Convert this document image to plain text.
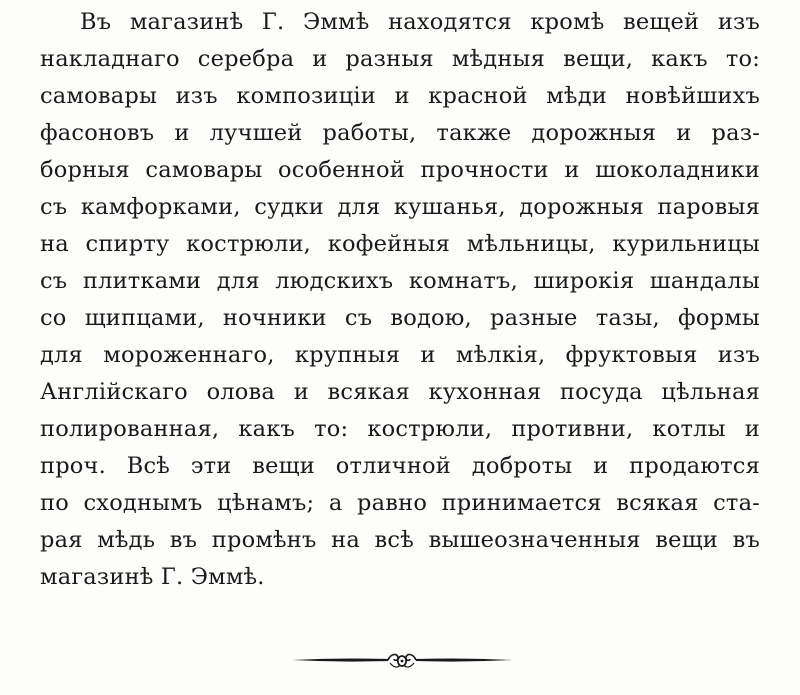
Въ магазинѣ Г. Эммѣ находятся кромѣ вещей изъ
накладнаго серебра и разныя мѣдныя вещи, какъ то:
самовары изъ композиціи и красной мѣди новѣйшихъ
фасоновъ и лучшей работы, также дорожныя и раз-
борныя самовары особенной прочности и шоколадники
съ камфорками, судки для кушанья, дорожныя паровыя
на спирту кострюли, кофейныя мѣльницы, курильницы
съ плитками для людскихъ комнатъ, широкія шандалы
со щипцами, ночники съ водою, разные тазы, формы
для мороженнаго, крупныя и мѣлкія, фруктовыя изъ
Англійскаго олова и всякая кухонная посуда цѣльная
полированная, какъ то: кострюли, противни, котлы и
проч. Всѣ эти вещи отличной доброты и продаются
по сходнымъ цѣнамъ; а равно принимается всякая ста-
рая мѣдь въ промѣнъ на всѣ вышеозначенныя вещи въ
магазинѣ Г. Эммѣ.
